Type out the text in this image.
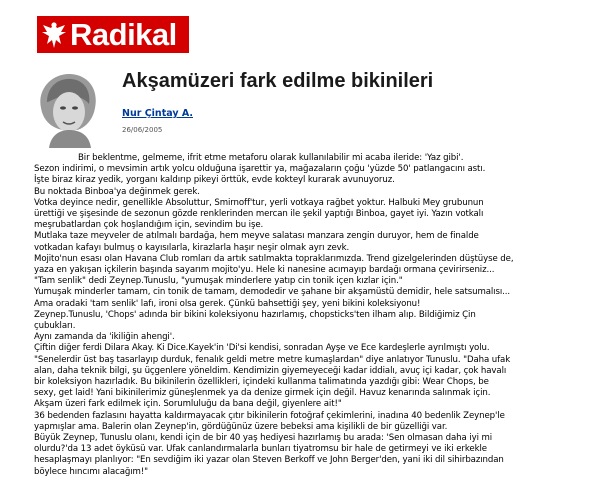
Radikal
Akşamüzeri fark edilme bikinileri
Nur Çintay A.
26/06/2005
Bir beklentme, gelmeme, ifrit etme metaforu olarak kullanılabilir mi acaba ileride: 'Yaz gibi'.
Sezon indirimi, o mevsimin artık yolcu olduğuna işarettir ya, mağazaların çoğu 'yüzde 50' patlangacını astı.
İşte biraz kiraz yedik, yorganı kaldırıp pikeyi örttük, evde kokteyl kurarak avunuyoruz.
Bu noktada Binboa'ya değinmek gerek.
Votka deyince nedir, genellikle Absoluttur, Smirnoff'tur, yerli votkaya rağbet yoktur. Halbuki Mey grubunun
ürettiği ve şişesinde de sezonun gözde renklerinden mercan ile şekil yaptığı Binboa, gayet iyi. Yazın votkalı
meşrubatlardan çok hoşlandığım için, sevindim bu işe.
Mutlaka taze meyveler de atılmalı bardağa, hem meyve salatası manzara zengin duruyor, hem de finalde
votkadan kafayı bulmuş o kayısılarla, kirazlarla haşır neşir olmak ayrı zevk.
Mojito'nun esası olan Havana Club romları da artık satılmakta topraklarımızda. Trend gizelgelerinden düştüyse de,
yaza en yakışan içkilerin başında sayarım mojito'yu. Hele ki nanesine acımayıp bardağı ormana çevirirseniz...
"Tam senlik" dedi Zeynep.Tunuslu, "yumuşak minderlere yatıp cin tonik içen kızlar için."
Yumuşak minderler tamam, cin tonik de tamam, demodedir ve şahane bir akşamüstü demidir, hele satsumalısı...
Ama oradaki 'tam senlik' lafı, ironi olsa gerek. Çünkü bahsettiği şey, yeni bikini koleksiyonu!
Zeynep.Tunuslu, 'Chops' adında bir bikini koleksiyonu hazırlamış, chopsticks'ten ilham alıp. Bildiğimiz Çin
çubukları.
Aynı zamanda da 'ikiliğin ahengi'.
Çiftin diğer ferdi Dilara Akay. Ki Dice.Kayek'in 'Di'si kendisi, sonradan Ayşe ve Ece kardeşlerle ayrılmıştı yolu.
"Senelerdir üst baş tasarlayıp durduk, fenalık geldi metre metre kumaşlardan" diye anlatıyor Tunuslu. "Daha ufak
alan, daha teknik bilgi, şu üçgenlere yöneldim. Kendimizin giyemeyeceği kadar iddialı, avuç içi kadar, çok havalı
bir koleksiyon hazırladık. Bu bikinilerin özellikleri, içindeki kullanma talimatında yazdığı gibi: Wear Chops, be
sexy, get laid! Yani bikinilerimiz güneşlenmek ya da denize girmek için değil. Havuz kenarında salınmak için.
Akşam üzeri fark edilmek için. Sorumluluğu da bana değil, giyenlere ait!"
36 bedenden fazlasını hayatta kaldırmayacak çıtır bikinilerin fotoğraf çekimlerini, inadına 40 bedenlik Zeynep'le
yapmışlar ama. Balerin olan Zeynep'in, gördüğünüz üzere bebeksi ama kişilikli de bir güzelliği var.
Büyük Zeynep, Tunuslu olanı, kendi için de bir 40 yaş hediyesi hazırlamış bu arada: 'Sen olmasan daha iyi mi
olurdu?'da 13 adet öyküsü var. Ufak canlandırmalarla bunları tiyatromsu bir hale de getirmeyi ve iki erkekle
hesaplaşmayı planlıyor: "En sevdiğim iki yazar olan Steven Berkoff ve John Berger'den, yani iki dil sihirbazından
böylece hıncımı alacağım!"
